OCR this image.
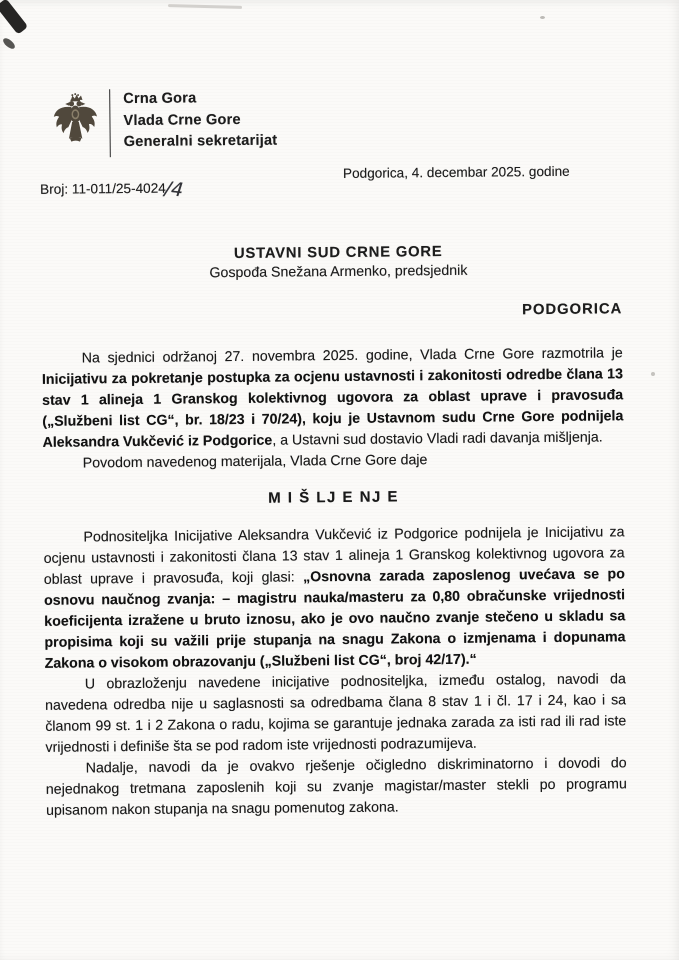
Crna Gora
Vlada Crne Gore
Generalni sekretarijat
Broj: 11-011/25-4024/4
Podgorica, 4. decembar 2025. godine
USTAVNI SUD CRNE GORE
Gospođa Snežana Armenko, predsjednik
PODGORICA

Na sjednici održanoj 27. novembra 2025. godine, Vlada Crne Gore razmotrila je Inicijativu za pokretanje postupka za ocjenu ustavnosti i zakonitosti odredbe člana 13 stav 1 alineja 1 Granskog kolektivnog ugovora za oblast uprave i pravosuđa („Službeni list CG“, br. 18/23 i 70/24), koju je Ustavnom sudu Crne Gore podnijela Aleksandra Vukčević iz Podgorice, a Ustavni sud dostavio Vladi radi davanja mišljenja.

Povodom navedenog materijala, Vlada Crne Gore daje

M I Š LJ E NJ E

Podnositeljka Inicijative Aleksandra Vukčević iz Podgorice podnijela je Inicijativu za ocjenu ustavnosti i zakonitosti člana 13 stav 1 alineja 1 Granskog kolektivnog ugovora za oblast uprave i pravosuđa, koji glasi: „Osnovna zarada zaposlenog uvećava se po osnovu naučnog zvanja: – magistru nauka/masteru za 0,80 obračunske vrijednosti koeficijenta izražene u bruto iznosu, ako je ovo naučno zvanje stečeno u skladu sa propisima koji su važili prije stupanja na snagu Zakona o izmjenama i dopunama Zakona o visokom obrazovanju („Službeni list CG“, broj 42/17).“

U obrazloženju navedene inicijative podnositeljka, između ostalog, navodi da navedena odredba nije u saglasnosti sa odredbama člana 8 stav 1 i čl. 17 i 24, kao i sa članom 99 st. 1 i 2 Zakona o radu, kojima se garantuje jednaka zarada za isti rad ili rad iste vrijednosti i definiše šta se pod radom iste vrijednosti podrazumijeva.

Nadalje, navodi da je ovakvo rješenje očigledno diskriminatorno i dovodi do nejednakog tretmana zaposlenih koji su zvanje magistar/master stekli po programu upisanom nakon stupanja na snagu pomenutog zakona.
